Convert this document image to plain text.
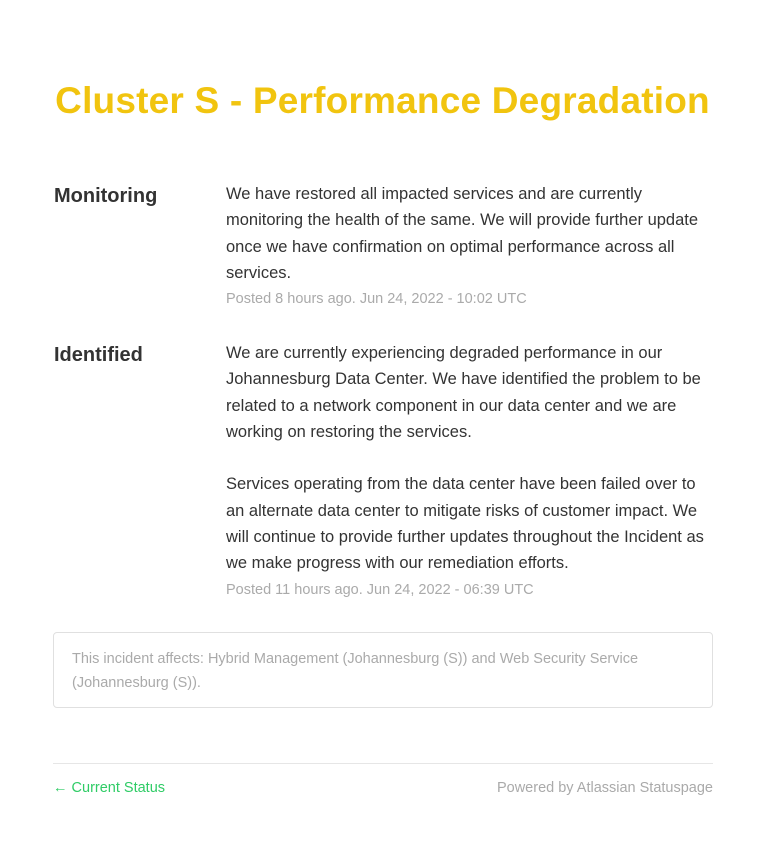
Cluster S - Performance Degradation
Monitoring	We have restored all impacted services and are currently monitoring the health of the same. We will provide further update once we have confirmation on optimal performance across all services.
Posted 8 hours ago. Jun 24, 2022 - 10:02 UTC
Identified	We are currently experiencing degraded performance in our Johannesburg Data Center. We have identified the problem to be related to a network component in our data center and we are working on restoring the services.

Services operating from the data center have been failed over to an alternate data center to mitigate risks of customer impact. We will continue to provide further updates throughout the Incident as we make progress with our remediation efforts.
Posted 11 hours ago. Jun 24, 2022 - 06:39 UTC
This incident affects: Hybrid Management (Johannesburg (S)) and Web Security Service (Johannesburg (S)).
← Current Status	Powered by Atlassian Statuspage
